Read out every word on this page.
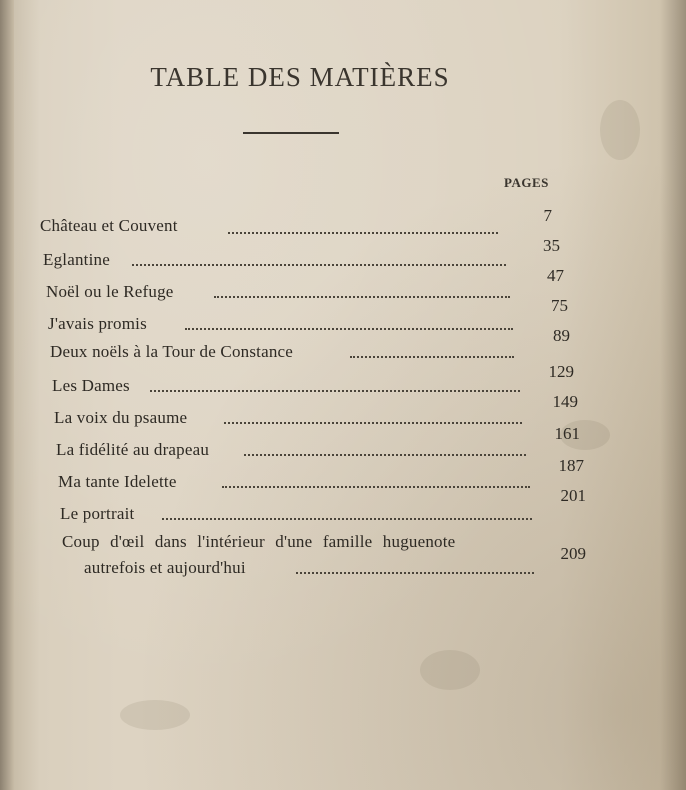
TABLE DES MATIÈRES
PAGES
Château et Couvent
7
Eglantine
35
Noël ou le Refuge
47
J'avais promis
75
Deux noëls à la Tour de Constance
89
Les Dames
129
La voix du psaume
149
La fidélité au drapeau
161
Ma tante Idelette
187
Le portrait
201
Coup d'œil dans l'intérieur d'une famille huguenote
autrefois et aujourd'hui
209
